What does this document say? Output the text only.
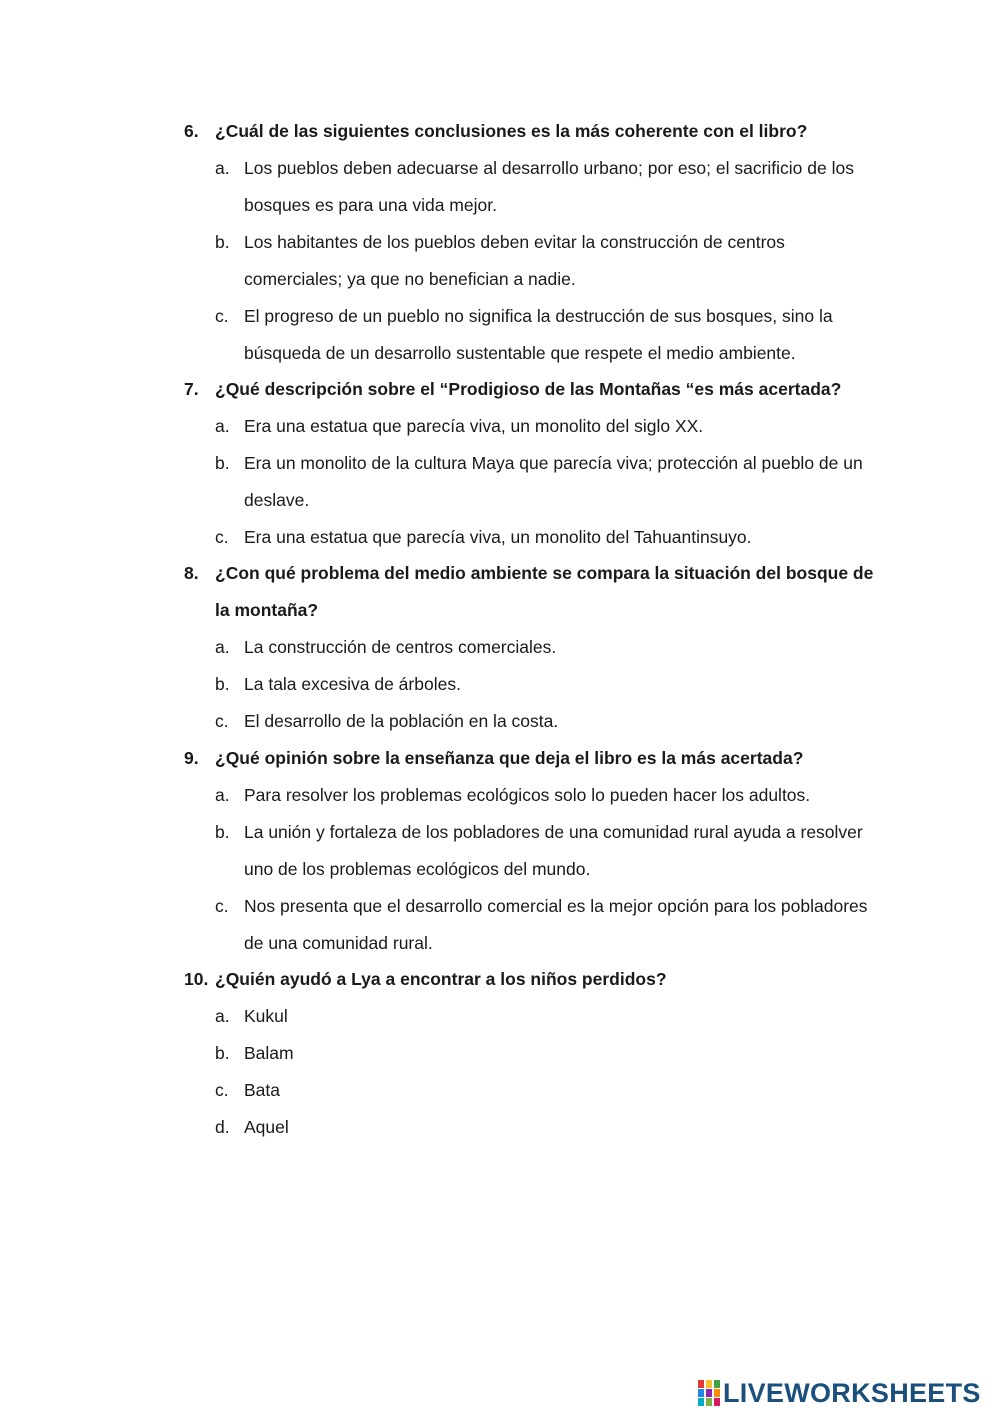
6. ¿Cuál de las siguientes conclusiones es la más coherente con el libro?
a. Los pueblos deben adecuarse al desarrollo urbano; por eso; el sacrificio de los bosques es para una vida mejor.
b. Los habitantes de los pueblos deben evitar la construcción de centros comerciales; ya que no benefician a nadie.
c. El progreso de un pueblo no significa la destrucción de sus bosques, sino la búsqueda de un desarrollo sustentable que respete el medio ambiente.
7. ¿Qué descripción sobre el “Prodigioso de las Montañas “es más acertada?
a. Era una estatua que parecía viva, un monolito del siglo XX.
b. Era un monolito de la cultura Maya que parecía viva; protección al pueblo de un deslave.
c. Era una estatua que parecía viva, un monolito del Tahuantinsuyo.
8. ¿Con qué problema del medio ambiente se compara la situación del bosque de la montaña?
a. La construcción de centros comerciales.
b. La tala excesiva de árboles.
c. El desarrollo de la población en la costa.
9. ¿Qué opinión sobre la enseñanza que deja el libro es la más acertada?
a. Para resolver los problemas ecológicos solo lo pueden hacer los adultos.
b. La unión y fortaleza de los pobladores de una comunidad rural ayuda a resolver uno de los problemas ecológicos del mundo.
c. Nos presenta que el desarrollo comercial es la mejor opción para los pobladores de una comunidad rural.
10. ¿Quién ayudó a Lya a encontrar a los niños perdidos?
a. Kukul
b. Balam
c. Bata
d. Aquel
LIVEWORKSHEETS
